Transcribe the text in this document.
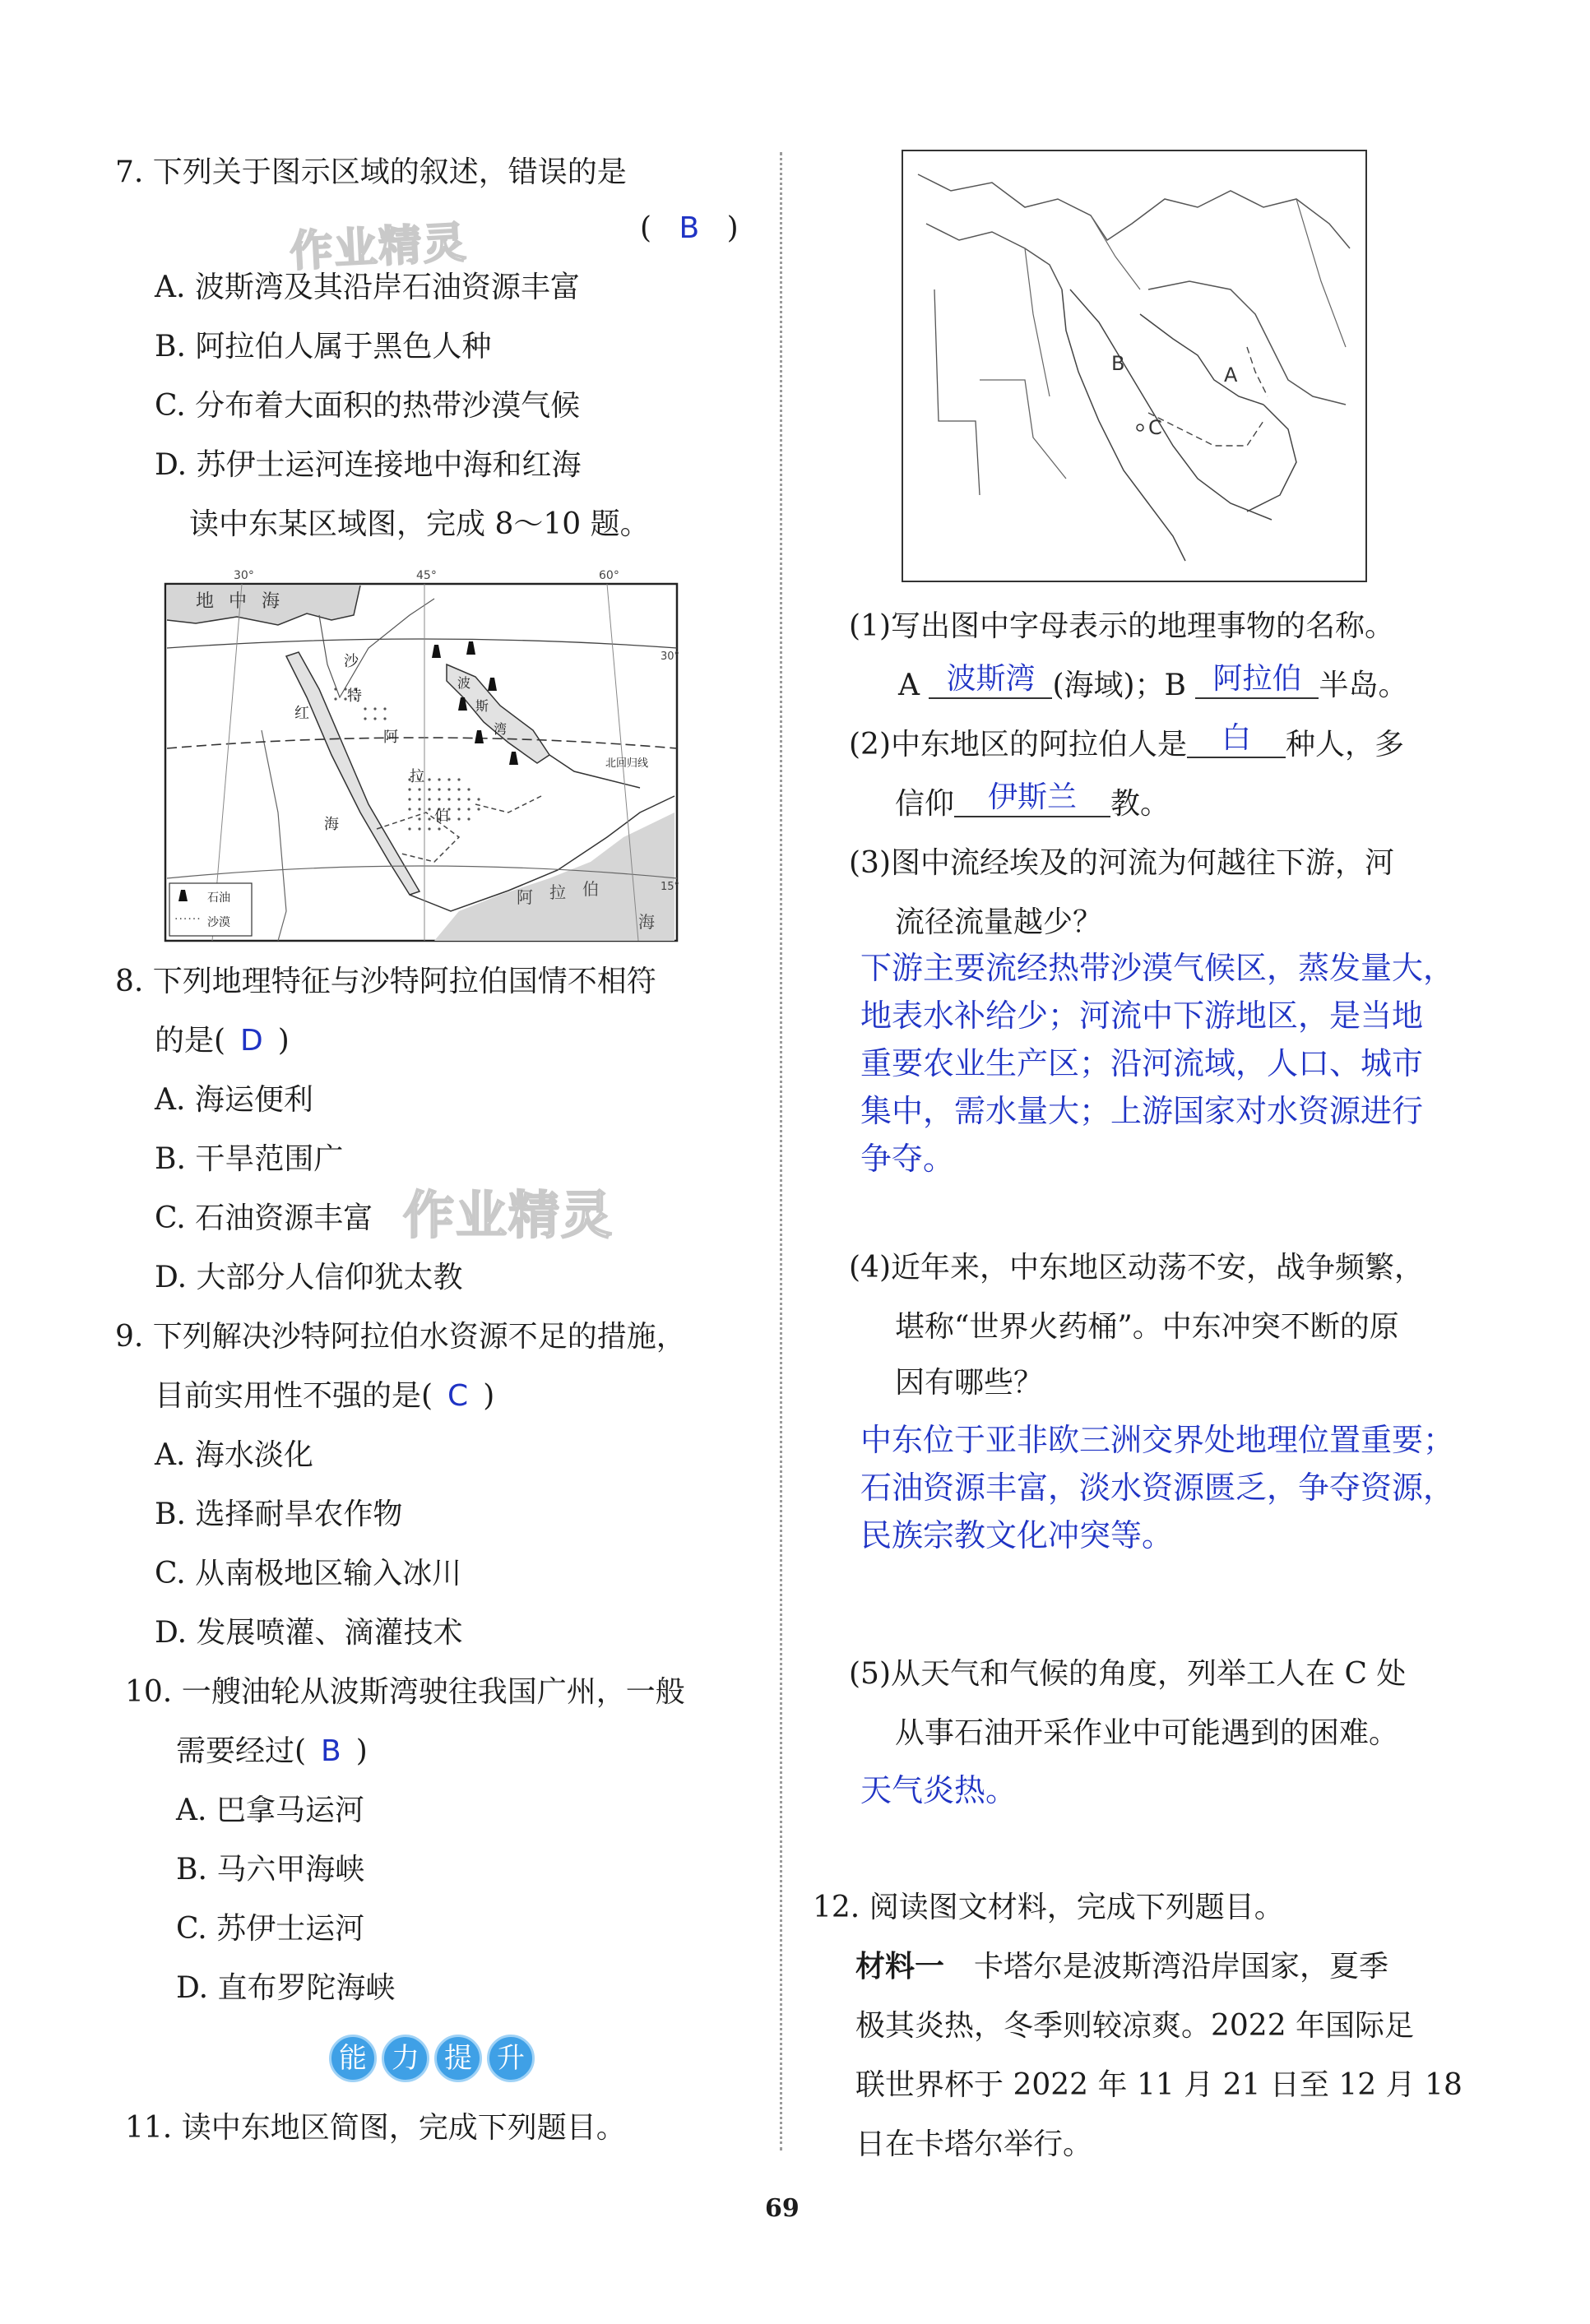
7. 下列关于图示区域的叙述，错误的是
( B )
作业精灵
A. 波斯湾及其沿岸石油资源丰富
B. 阿拉伯人属于黑色人种
C. 分布着大面积的热带沙漠气候
D. 苏伊士运河连接地中海和红海
读中东某区域图，完成 8～10 题。
30°	45°	60°
地 中 海
沙
特
阿
拉
伯
红
海
波
斯
湾
阿 拉 伯
海
北回归线
30°
15°
石油
······ 沙漠
8. 下列地理特征与沙特阿拉伯国情不相符
的是( D )
A. 海运便利
B. 干旱范围广
C. 石油资源丰富 作业精灵
D. 大部分人信仰犹太教
9. 下列解决沙特阿拉伯水资源不足的措施，
目前实用性不强的是( C )
A. 海水淡化
B. 选择耐旱农作物
C. 从南极地区输入冰川
D. 发展喷灌、滴灌技术
10. 一艘油轮从波斯湾驶往我国广州，一般
需要经过( B )
A. 巴拿马运河
B. 马六甲海峡
C. 苏伊士运河
D. 直布罗陀海峡
能 力 提 升
11. 读中东地区简图，完成下列题目。
B	A
C
(1)写出图中字母表示的地理事物的名称。
A 波斯湾 (海域)；B 阿拉伯 半岛。
(2)中东地区的阿拉伯人是 白 种人，多
信仰 伊斯兰 教。
(3)图中流经埃及的河流为何越往下游，河
流径流量越少？
下游主要流经热带沙漠气候区，蒸发量大，
地表水补给少；河流中下游地区，是当地
重要农业生产区；沿河流域，人口、城市
集中，需水量大；上游国家对水资源进行
争夺。
(4)近年来，中东地区动荡不安，战争频繁，
堪称“世界火药桶”。中东冲突不断的原
因有哪些？
中东位于亚非欧三洲交界处地理位置重要；
石油资源丰富，淡水资源匮乏，争夺资源，
民族宗教文化冲突等。
(5)从天气和气候的角度，列举工人在 C 处
从事石油开采作业中可能遇到的困难。
天气炎热。
12. 阅读图文材料，完成下列题目。
材料一 卡塔尔是波斯湾沿岸国家，夏季
极其炎热，冬季则较凉爽。2022 年国际足
联世界杯于 2022 年 11 月 21 日至 12 月 18
日在卡塔尔举行。
69
